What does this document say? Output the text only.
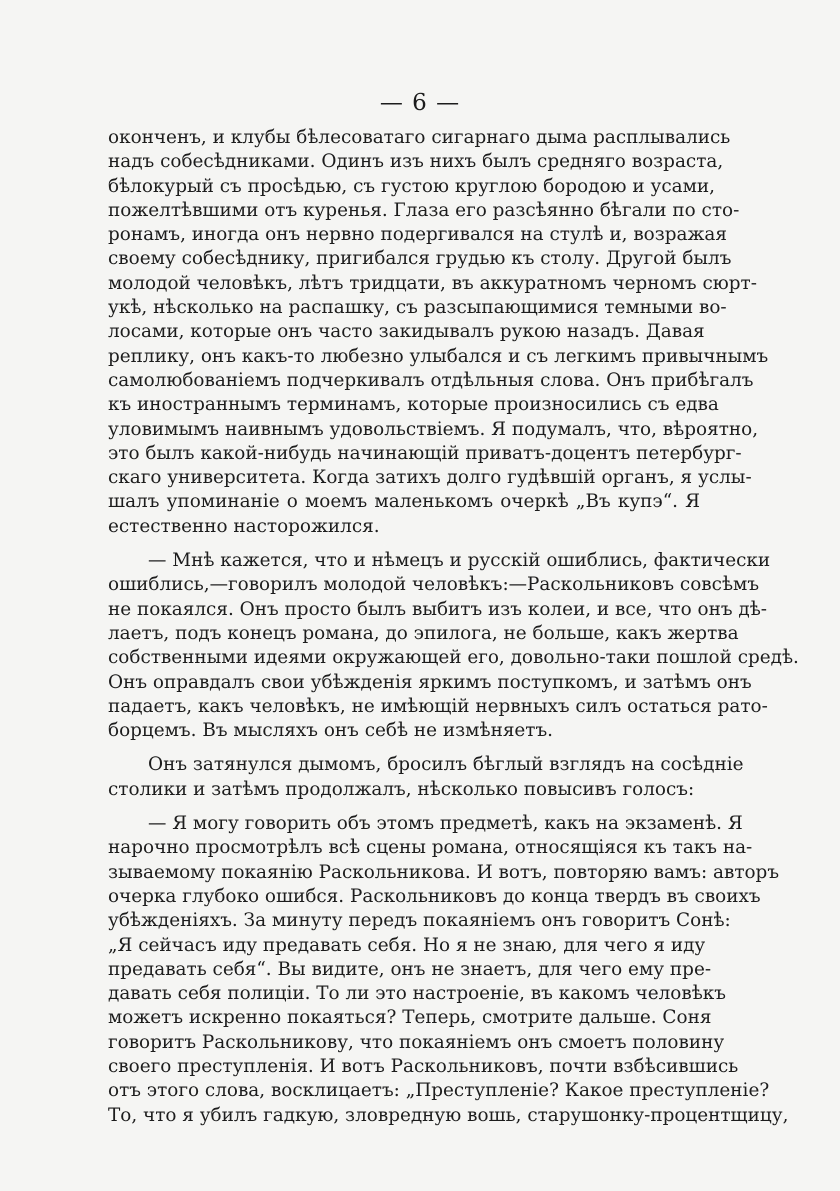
— 6 —
оконченъ, и клубы бѣлесоватаго сигарнаго дыма расплывались
надъ собесѣдниками. Одинъ изъ нихъ былъ средняго возраста,
бѣлокурый съ просѣдью, съ густою круглою бородою и усами,
пожелтѣвшими отъ куренья. Глаза его разсѣянно бѣгали по сто-
ронамъ, иногда онъ нервно подергивался на стулѣ и, возражая
своему собесѣднику, пригибался грудью къ столу. Другой былъ
молодой человѣкъ, лѣтъ тридцати, въ аккуратномъ черномъ сюрт-
укѣ, нѣсколько на распашку, съ разсыпающимися темными во-
лосами, которые онъ часто закидывалъ рукою назадъ. Давая
реплику, онъ какъ-то любезно улыбался и съ легкимъ привычнымъ
самолюбованіемъ подчеркивалъ отдѣльныя слова. Онъ прибѣгалъ
къ иностраннымъ терминамъ, которые произносились съ едва
уловимымъ наивнымъ удовольствіемъ. Я подумалъ, что, вѣроятно,
это былъ какой-нибудь начинающій приватъ-доцентъ петербург-
скаго университета. Когда затихъ долго гудѣвшій органъ, я услы-
шалъ упоминаніе о моемъ маленькомъ очеркѣ „Въ купэ“. Я
естественно насторожился.
— Мнѣ кажется, что и нѣмецъ и русскій ошиблись, фактически
ошиблись,—говорилъ молодой человѣкъ:—Раскольниковъ совсѣмъ
не покаялся. Онъ просто былъ выбитъ изъ колеи, и все, что онъ дѣ-
лаетъ, подъ конецъ романа, до эпилога, не больше, какъ жертва
собственными идеями окружающей его, довольно-таки пошлой средѣ.
Онъ оправдалъ свои убѣжденія яркимъ поступкомъ, и затѣмъ онъ
падаетъ, какъ человѣкъ, не имѣющій нервныхъ силъ остаться рато-
борцемъ. Въ мысляхъ онъ себѣ не измѣняетъ.
Онъ затянулся дымомъ, бросилъ бѣглый взглядъ на сосѣдніе
столики и затѣмъ продолжалъ, нѣсколько повысивъ голосъ:
— Я могу говорить объ этомъ предметѣ, какъ на экзаменѣ. Я
нарочно просмотрѣлъ всѣ сцены романа, относящіяся къ такъ на-
зываемому покаянію Раскольникова. И вотъ, повторяю вамъ: авторъ
очерка глубоко ошибся. Раскольниковъ до конца твердъ въ своихъ
убѣжденіяхъ. За минуту передъ покаяніемъ онъ говоритъ Сонѣ:
„Я сейчасъ иду предавать себя. Но я не знаю, для чего я иду
предавать себя“. Вы видите, онъ не знаетъ, для чего ему пре-
давать себя полиціи. То ли это настроеніе, въ какомъ человѣкъ
можетъ искренно покаяться? Теперь, смотрите дальше. Соня
говоритъ Раскольникову, что покаяніемъ онъ смоетъ половину
своего преступленія. И вотъ Раскольниковъ, почти взбѣсившись
отъ этого слова, восклицаетъ: „Преступленіе? Какое преступленіе?
То, что я убилъ гадкую, зловредную вошь, старушонку-процентщицу,
